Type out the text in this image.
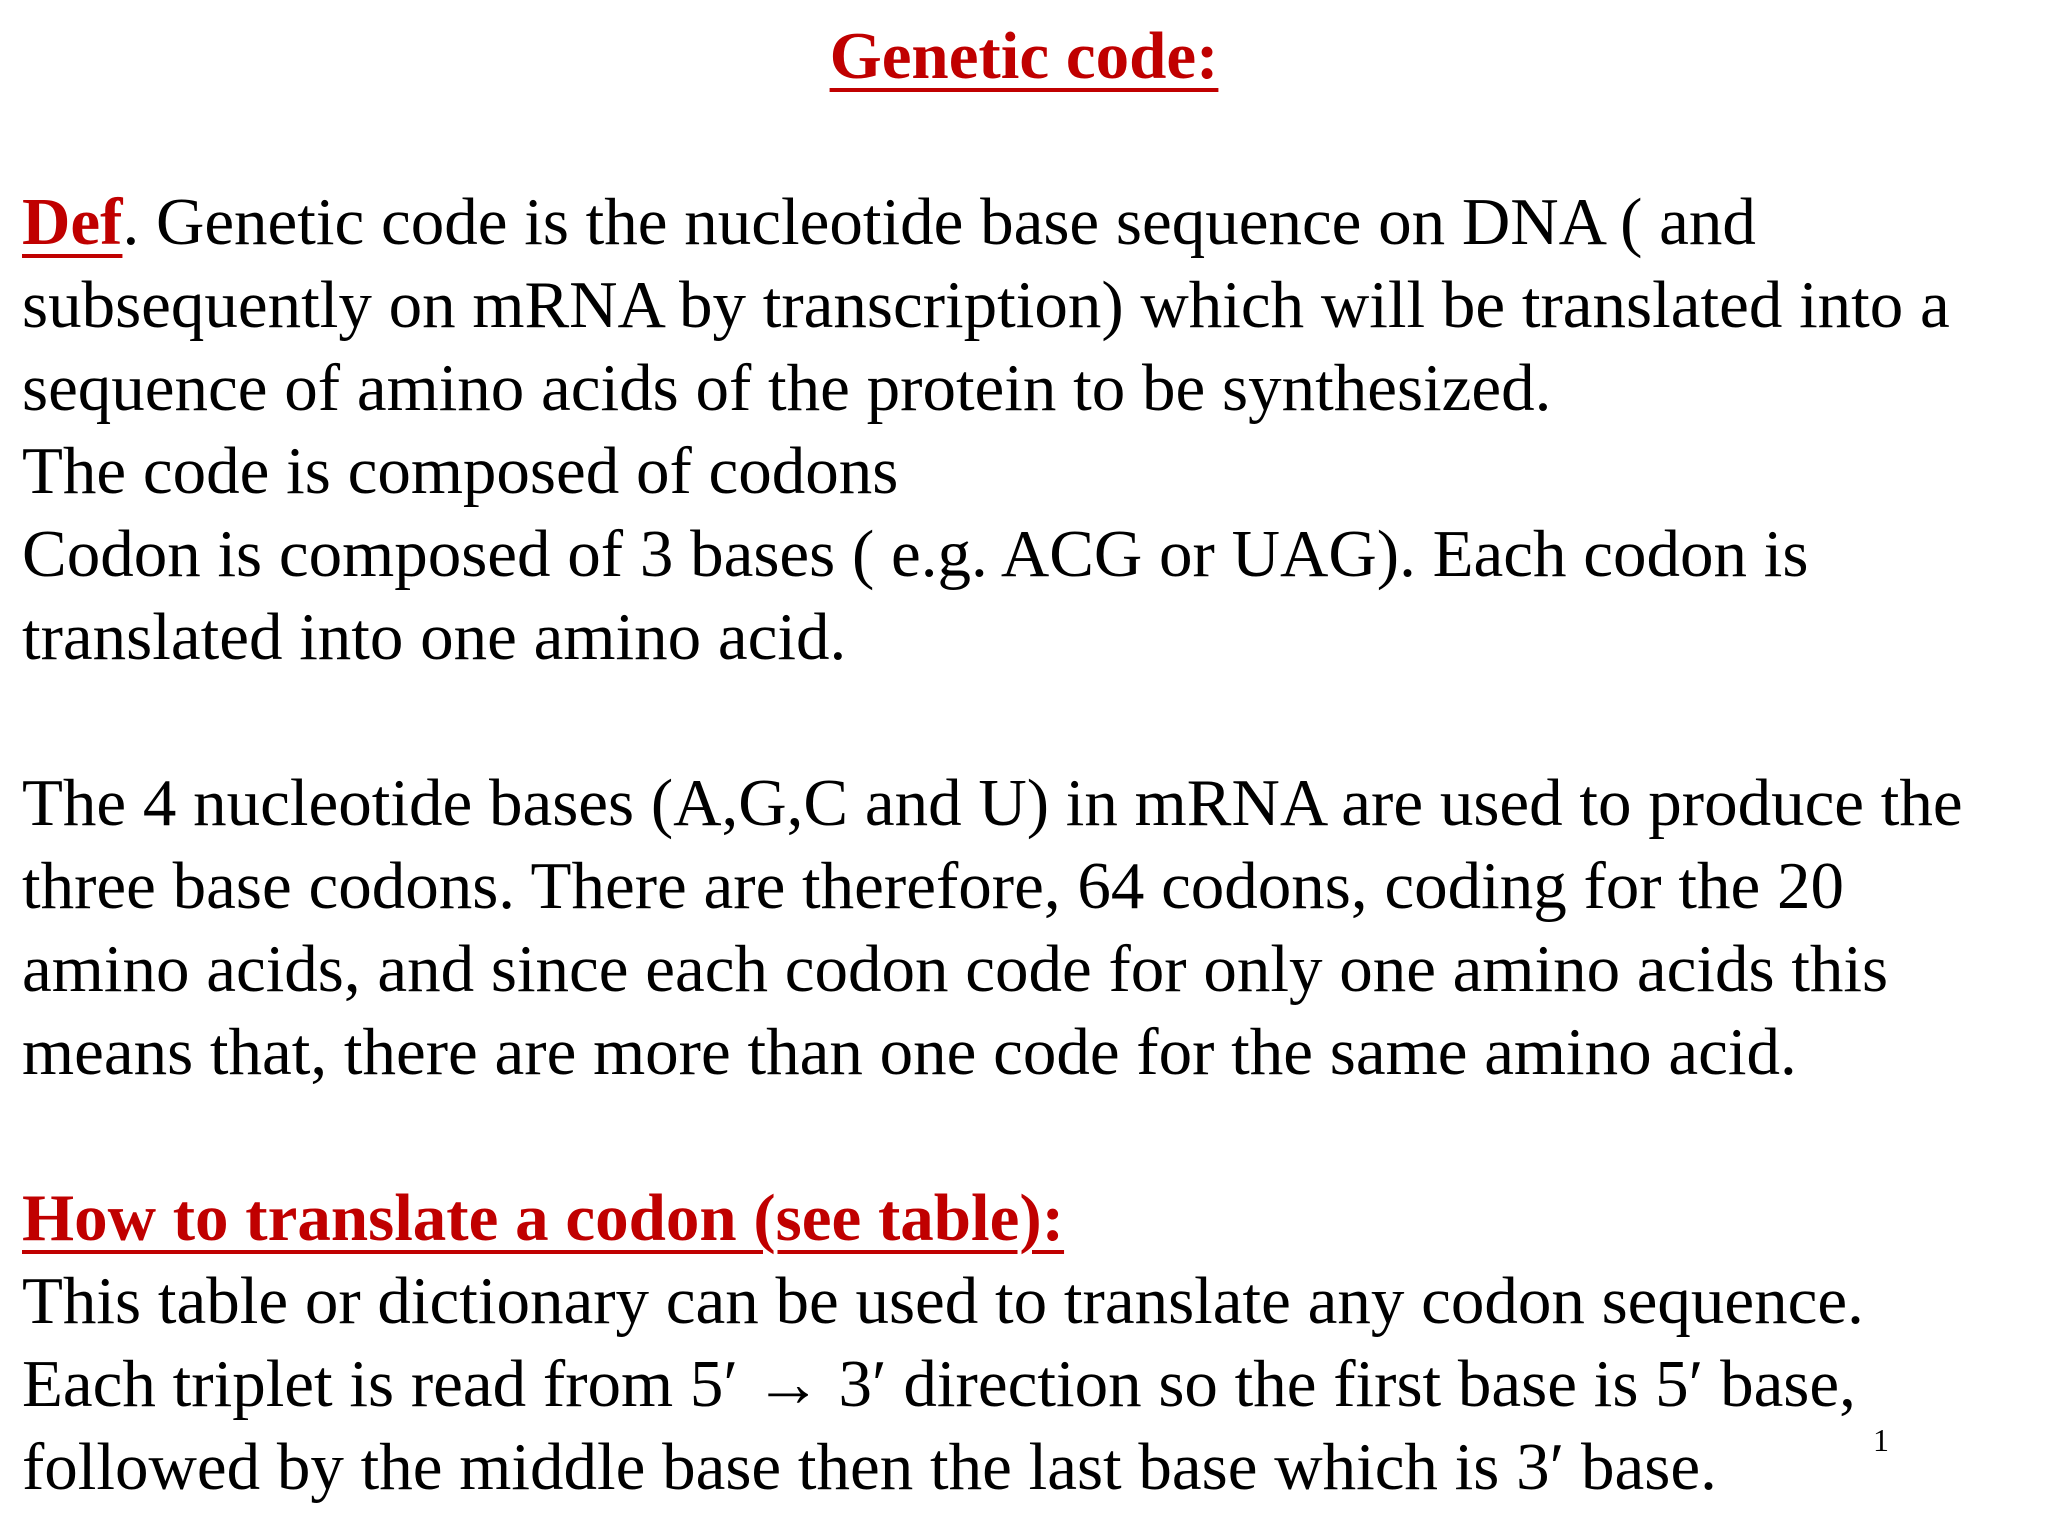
Genetic code:
Def. Genetic code is the nucleotide base sequence on DNA ( and
subsequently on mRNA by transcription) which will be translated into a
sequence of amino acids of the protein to be synthesized.
The code is composed of codons
Codon is composed of 3 bases ( e.g. ACG or UAG). Each codon is
translated into one amino acid.
The 4 nucleotide bases (A,G,C and U) in mRNA are used to produce the
three base codons. There are therefore, 64 codons, coding for the 20
amino acids, and since each codon code for only one amino acids this
means that, there are more than one code for the same amino acid.
How to translate a codon (see table):
This table or dictionary can be used to translate any codon sequence.
Each triplet is read from 5′ → 3′ direction so the first base is 5′ base,
followed by the middle base then the last base which is 3′ base.	1
